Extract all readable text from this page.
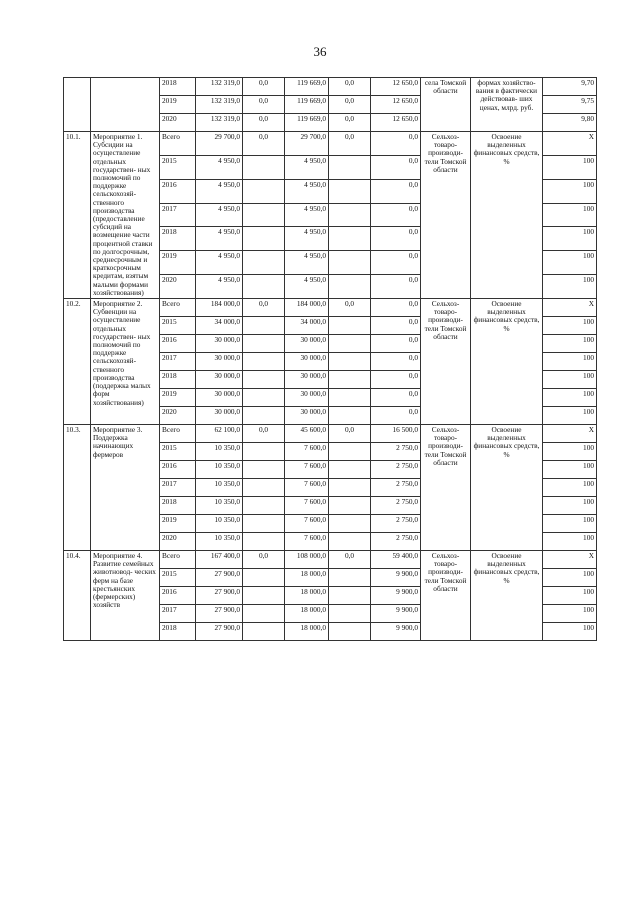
36
		2018	132 319,0	0,0	119 669,0	0,0	12 650,0	села Томской области	формах хозяйство- вания в фактически действовав- ших ценах, млрд. руб.	9,70
		2019	132 319,0	0,0	119 669,0	0,0	12 650,0			9,75
		2020	132 319,0	0,0	119 669,0	0,0	12 650,0			9,80
10.1.	Мероприятие 1. Субсидии на осуществление отдельных государствен- ных полномочий по поддержке сельскохозяй- ственного производства (предоставление субсидий на возмещение части процентной ставки по долгосрочным, среднесрочным и краткосрочным кредитам, взятым малыми формами хозяйствования)	Всего	29 700,0	0,0	29 700,0	0,0	0,0	Сельхоз- товаро- производи- тели Томской области	Освоение выделенных финансовых средств, %	X
		2015	4 950,0		4 950,0		0,0			100
		2016	4 950,0		4 950,0		0,0			100
		2017	4 950,0		4 950,0		0,0			100
		2018	4 950,0		4 950,0		0,0			100
		2019	4 950,0		4 950,0		0,0			100
		2020	4 950,0		4 950,0		0,0			100
10.2.	Мероприятие 2. Субвенции на осуществление отдельных государствен- ных полномочий по поддержке сельскохозяй- ственного производства (поддержка малых форм хозяйствования)	Всего	184 000,0	0,0	184 000,0	0,0	0,0	Сельхоз- товаро- производи- тели Томской области	Освоение выделенных финансовых средств, %	X
		2015	34 000,0		34 000,0		0,0			100
		2016	30 000,0		30 000,0		0,0			100
		2017	30 000,0		30 000,0		0,0			100
		2018	30 000,0		30 000,0		0,0			100
		2019	30 000,0		30 000,0		0,0			100
		2020	30 000,0		30 000,0		0,0			100
10.3.	Мероприятие 3. Поддержка начинающих фермеров	Всего	62 100,0	0,0	45 600,0	0,0	16 500,0	Сельхоз- товаро- производи- тели Томской области	Освоение выделенных финансовых средств, %	X
		2015	10 350,0		7 600,0		2 750,0			100
		2016	10 350,0		7 600,0		2 750,0			100
		2017	10 350,0		7 600,0		2 750,0			100
		2018	10 350,0		7 600,0		2 750,0			100
		2019	10 350,0		7 600,0		2 750,0			100
		2020	10 350,0		7 600,0		2 750,0			100
10.4.	Мероприятие 4. Развитие семейных животновод- ческих ферм на базе крестьянских (фермерских) хозяйств	Всего	167 400,0	0,0	108 000,0	0,0	59 400,0	Сельхоз- товаро- производи- тели Томской области	Освоение выделенных финансовых средств, %	X
		2015	27 900,0		18 000,0		9 900,0			100
		2016	27 900,0		18 000,0		9 900,0			100
		2017	27 900,0		18 000,0		9 900,0			100
		2018	27 900,0		18 000,0		9 900,0			100
